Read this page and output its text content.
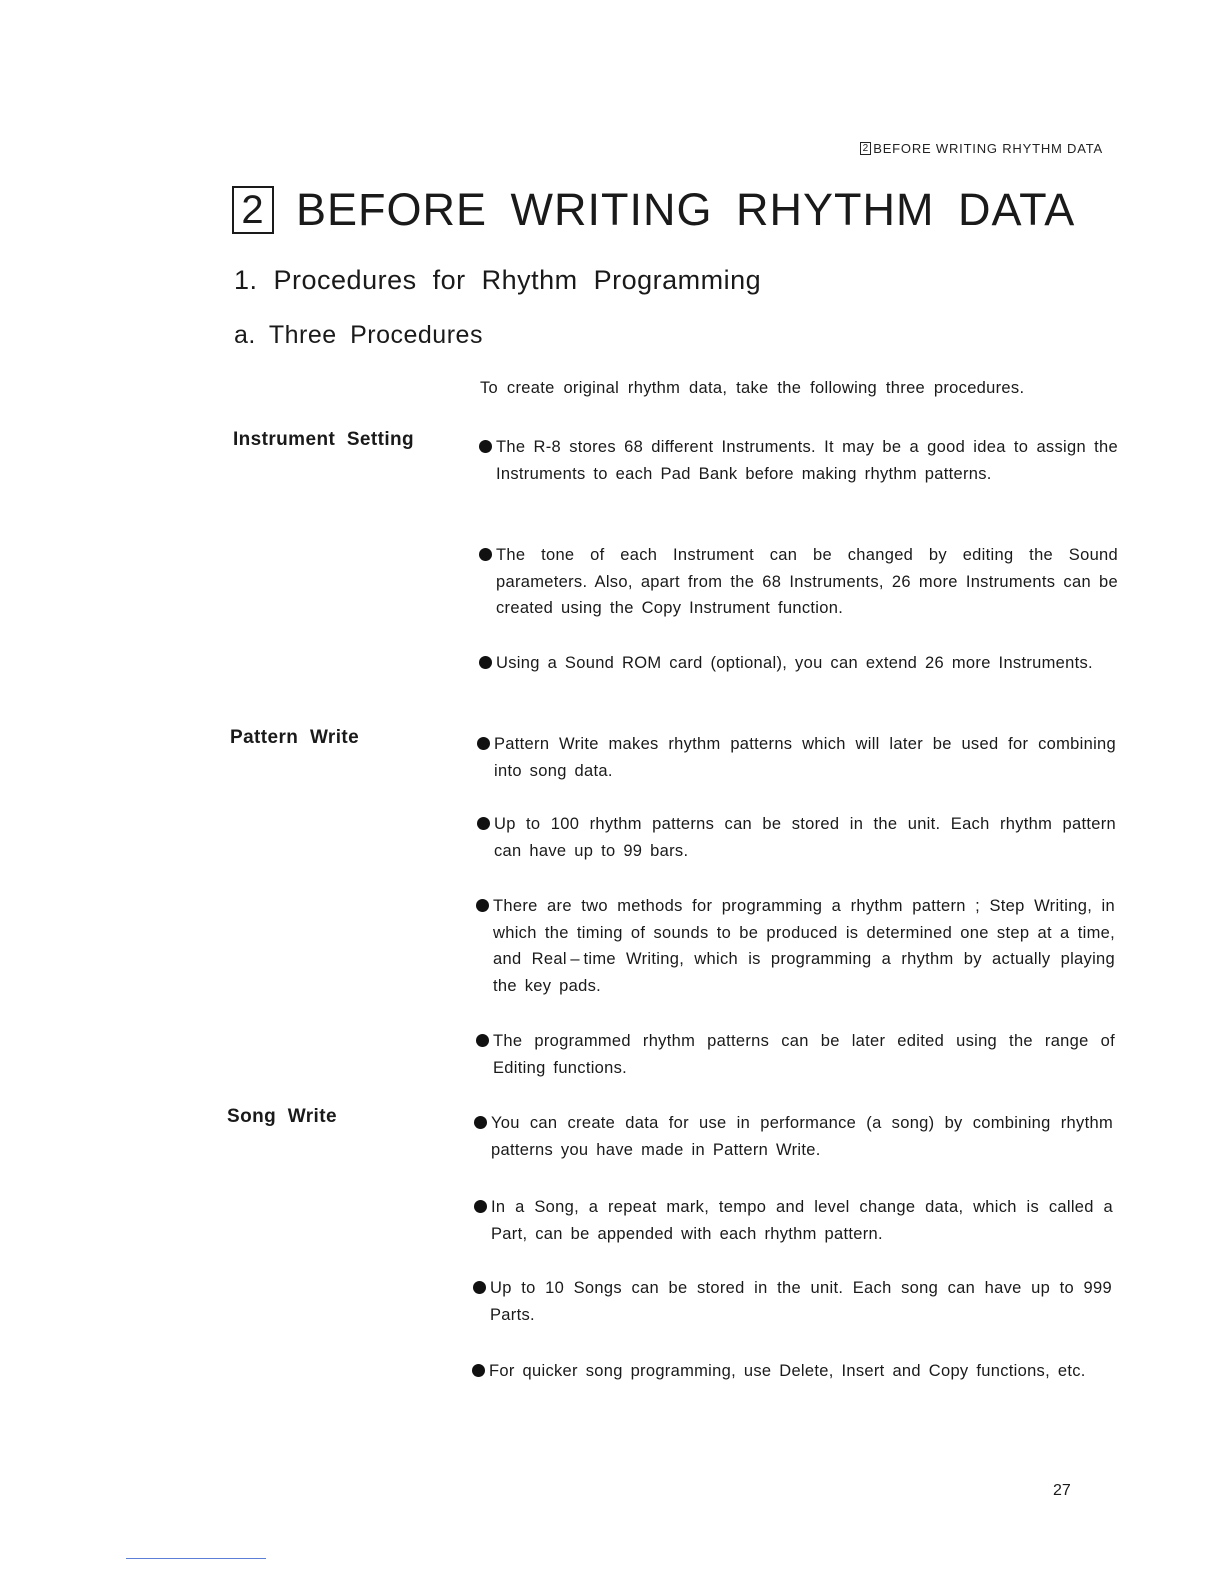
2 BEFORE WRITING RHYTHM DATA
2 BEFORE WRITING RHYTHM DATA
1. Procedures for Rhythm Programming
a. Three Procedures
To create original rhythm data, take the following three procedures.
Instrument Setting	The R-8 stores 68 different Instruments. It may be a good idea to assign the Instruments to each Pad Bank before making rhythm patterns.
The tone of each Instrument can be changed by editing the Sound parameters. Also, apart from the 68 Instruments, 26 more Instruments can be created using the Copy Instrument function.
Using a Sound ROM card (optional), you can extend 26 more Instruments.
Pattern Write	Pattern Write makes rhythm patterns which will later be used for combining into song data.
Up to 100 rhythm patterns can be stored in the unit. Each rhythm pattern can have up to 99 bars.
There are two methods for programming a rhythm pattern ; Step Writing, in which the timing of sounds to be produced is determined one step at a time, and Real – time Writing, which is programming a rhythm by actually playing the key pads.
The programmed rhythm patterns can be later edited using the range of Editing functions.
Song Write	You can create data for use in performance (a song) by combining rhythm patterns you have made in Pattern Write.
In a Song, a repeat mark, tempo and level change data, which is called a Part, can be appended with each rhythm pattern.
Up to 10 Songs can be stored in the unit. Each song can have up to 999 Parts.
For quicker song programming, use Delete, Insert and Copy functions, etc.
27
